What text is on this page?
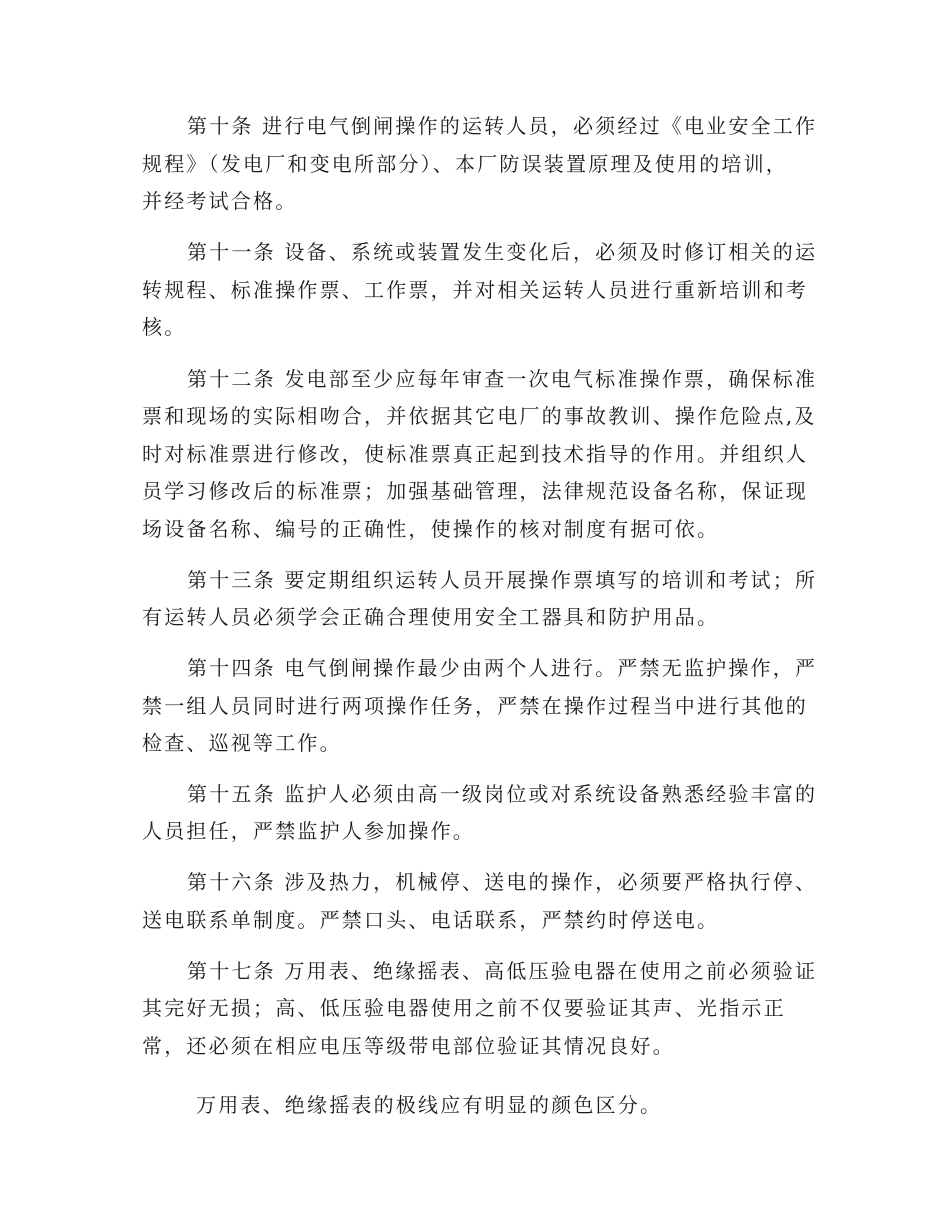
第十条 进行电气倒闸操作的运转人员，必须经过《电业安全工作
规程》（发电厂和变电所部分）、本厂防误装置原理及使用的培训，
并经考试合格。
第十一条 设备、系统或装置发生变化后，必须及时修订相关的运
转规程、标准操作票、工作票，并对相关运转人员进行重新培训和考
核。
第十二条 发电部至少应每年审查一次电气标准操作票，确保标准
票和现场的实际相吻合，并依据其它电厂的事故教训、操作危险点,及
时对标准票进行修改，使标准票真正起到技术指导的作用。并组织人
员学习修改后的标准票；加强基础管理，法律规范设备名称，保证现
场设备名称、编号的正确性，使操作的核对制度有据可依。
第十三条 要定期组织运转人员开展操作票填写的培训和考试；所
有运转人员必须学会正确合理使用安全工器具和防护用品。
第十四条 电气倒闸操作最少由两个人进行。严禁无监护操作，严
禁一组人员同时进行两项操作任务，严禁在操作过程当中进行其他的
检查、巡视等工作。
第十五条 监护人必须由高一级岗位或对系统设备熟悉经验丰富的
人员担任，严禁监护人参加操作。
第十六条 涉及热力，机械停、送电的操作，必须要严格执行停、
送电联系单制度。严禁口头、电话联系，严禁约时停送电。
第十七条 万用表、绝缘摇表、高低压验电器在使用之前必须验证
其完好无损；高、低压验电器使用之前不仅要验证其声、光指示正
常，还必须在相应电压等级带电部位验证其情况良好。
万用表、绝缘摇表的极线应有明显的颜色区分。
